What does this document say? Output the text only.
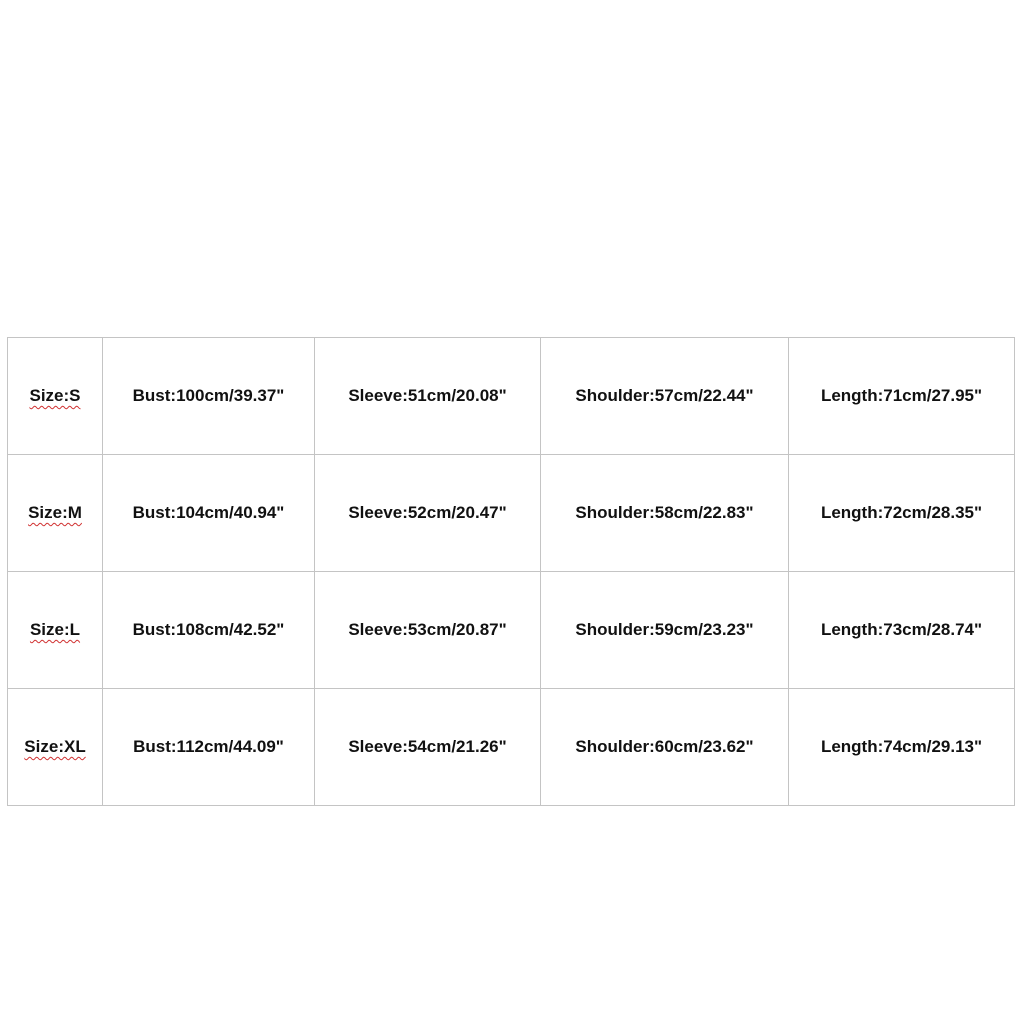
Size:S	Bust:100cm/39.37"	Sleeve:51cm/20.08"	Shoulder:57cm/22.44"	Length:71cm/27.95"
Size:M	Bust:104cm/40.94"	Sleeve:52cm/20.47"	Shoulder:58cm/22.83"	Length:72cm/28.35"
Size:L	Bust:108cm/42.52"	Sleeve:53cm/20.87"	Shoulder:59cm/23.23"	Length:73cm/28.74"
Size:XL	Bust:112cm/44.09"	Sleeve:54cm/21.26"	Shoulder:60cm/23.62"	Length:74cm/29.13"
